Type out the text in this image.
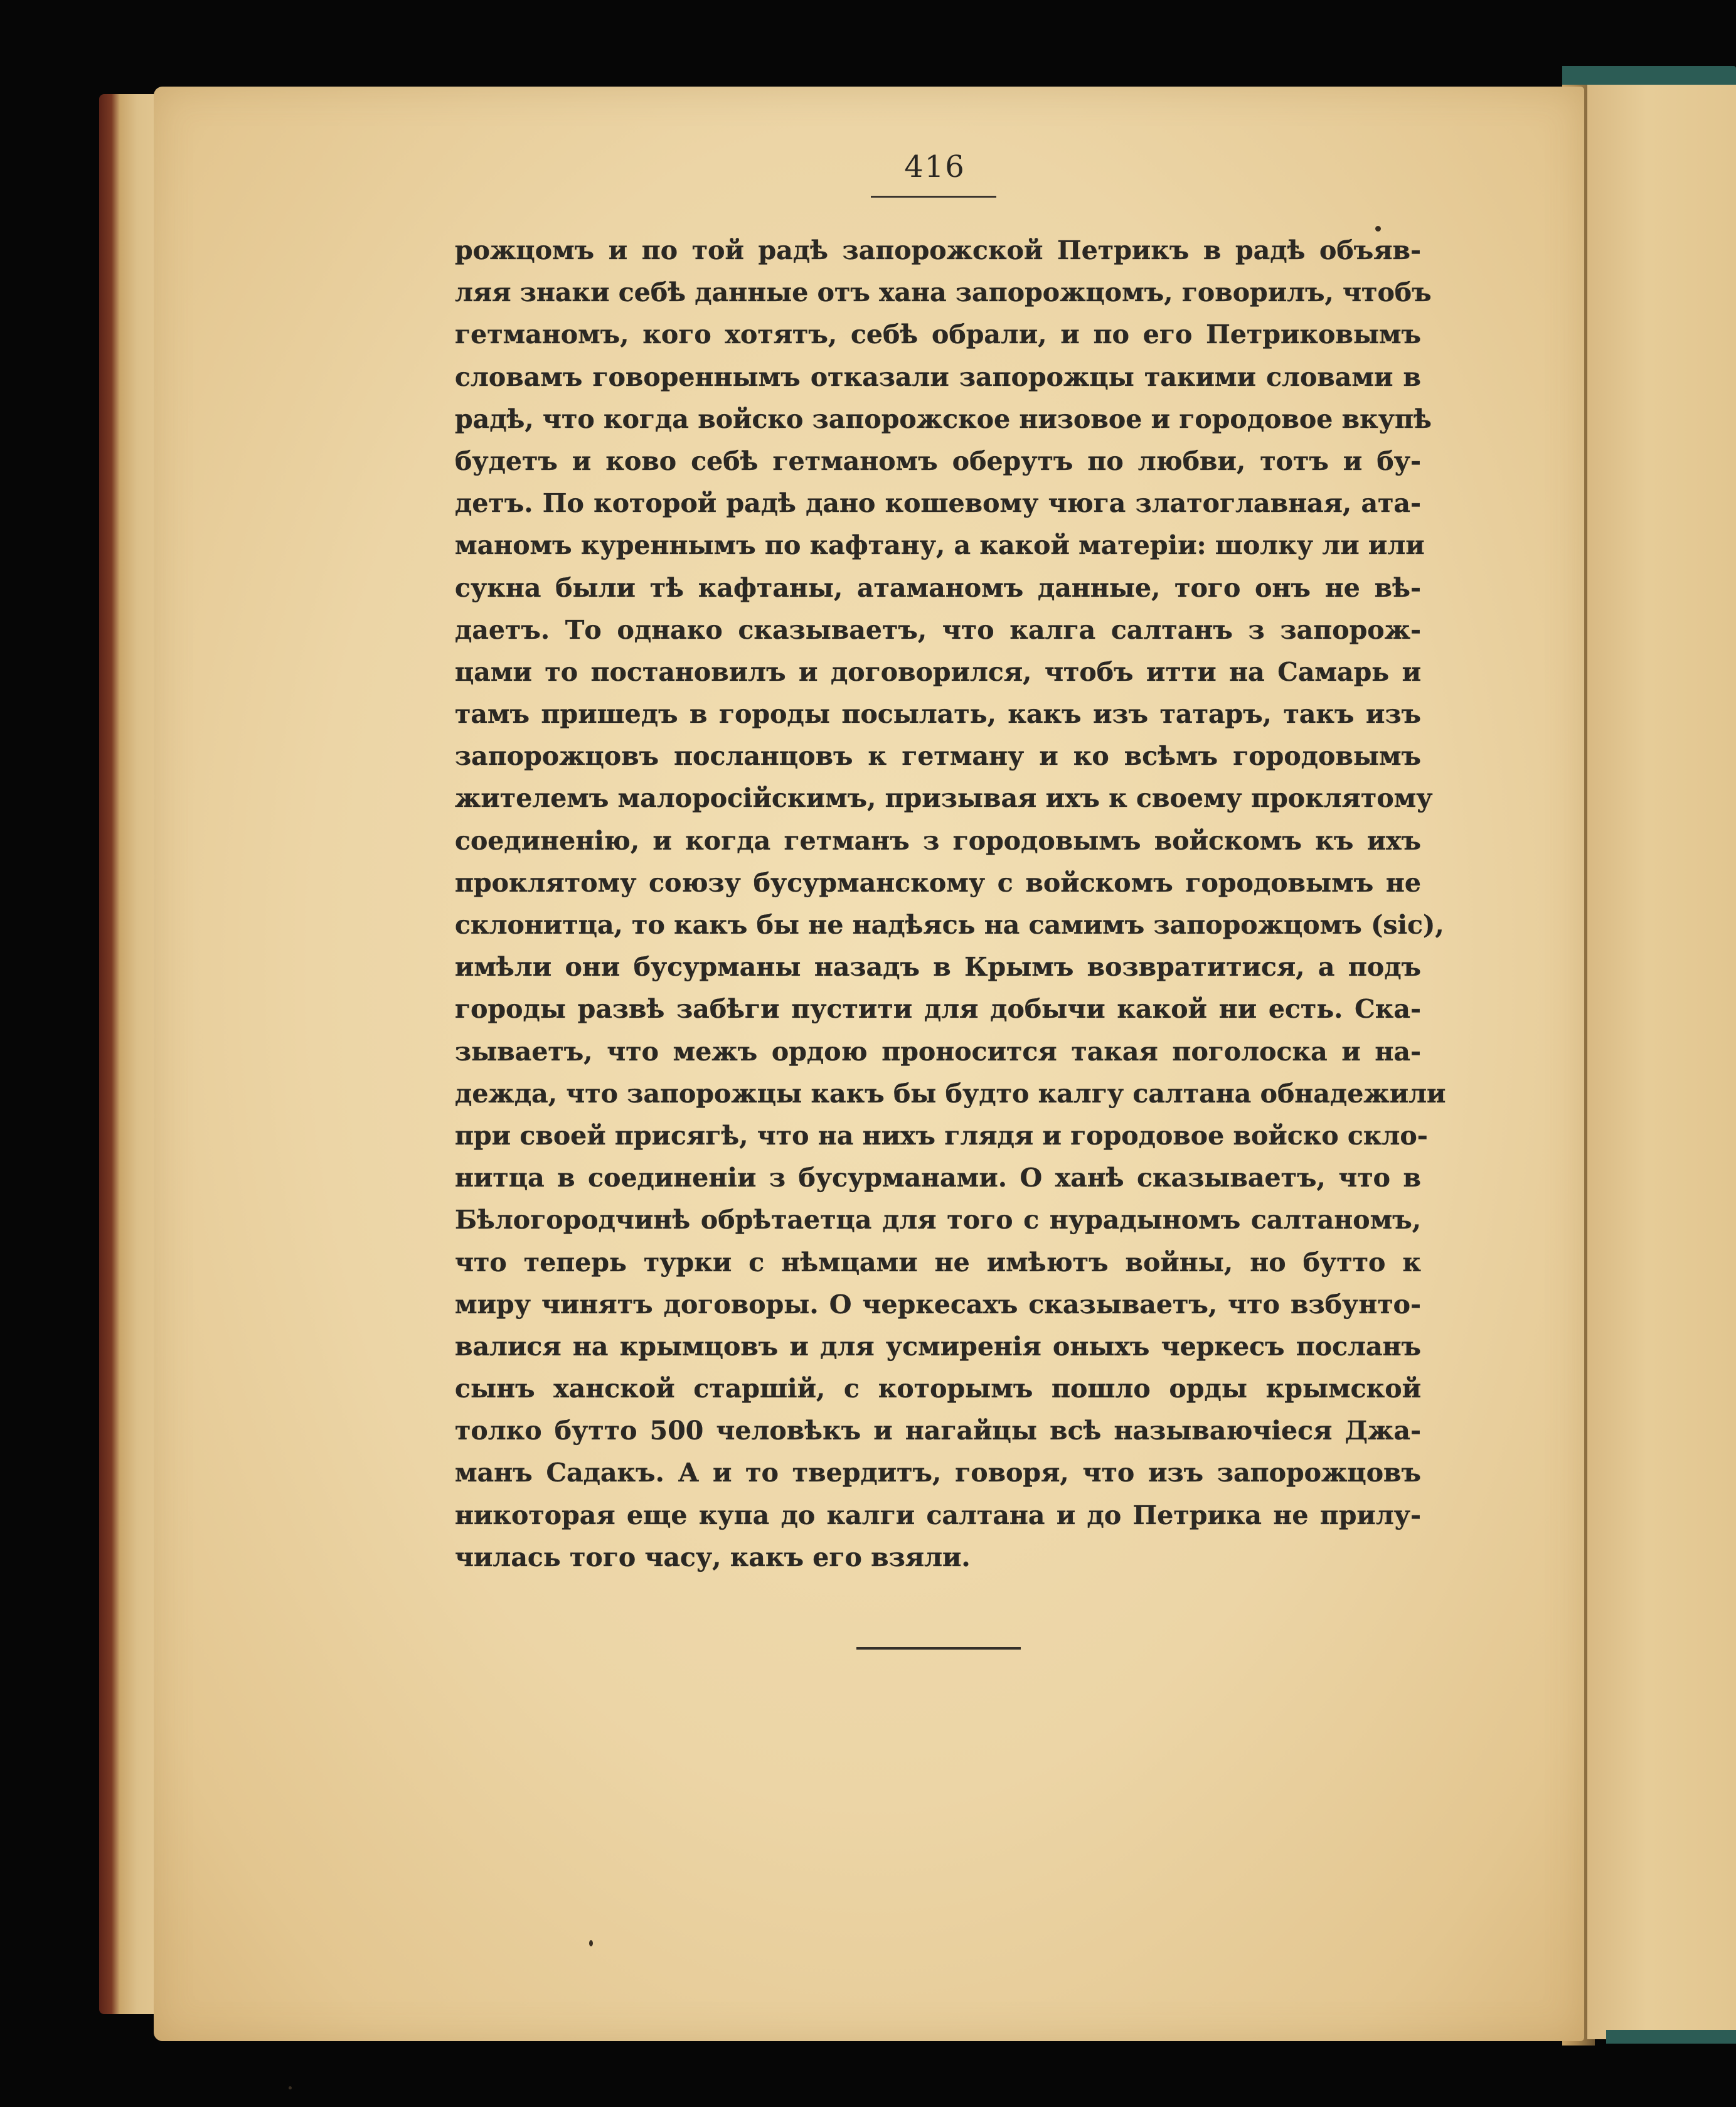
416
рожцомъ и по той радѣ запорожской Петрикъ в радѣ объяв-
ляя знаки себѣ данные отъ хана запорожцомъ, говорилъ, чтобъ
гетманомъ, кого хотятъ, себѣ обрали, и по его Петриковымъ
словамъ говореннымъ отказали запорожцы такими словами в
радѣ, что когда войско запорожское низовое и городовое вкупѣ
будетъ и ково себѣ гетманомъ оберутъ по любви, тотъ и бу-
детъ. По которой радѣ дано кошевому чюга златоглавная, ата-
маномъ куреннымъ по кафтану, а какой матеріи: шолку ли или
сукна были тѣ кафтаны, атаманомъ данные, того онъ не вѣ-
даетъ. То однако сказываетъ, что калга салтанъ з запорож-
цами то постановилъ и договорился, чтобъ итти на Самарь и
тамъ пришедъ в городы посылать, какъ изъ татаръ, такъ изъ
запорожцовъ посланцовъ к гетману и ко всѣмъ городовымъ
жителемъ малоросійскимъ, призывая ихъ к своему проклятому
соединенію, и когда гетманъ з городовымъ войскомъ къ ихъ
проклятому союзу бусурманскому с войскомъ городовымъ не
склонитца, то какъ бы не надѣясь на самимъ запорожцомъ (sic),
имѣли они бусурманы назадъ в Крымъ возвратитися, а подъ
городы развѣ забѣги пустити для добычи какой ни есть. Ска-
зываетъ, что межъ ордою проносится такая поголоска и на-
дежда, что запорожцы какъ бы будто калгу салтана обнадежили
при своей присягѣ, что на нихъ глядя и городовое войско скло-
нитца в соединеніи з бусурманами. О ханѣ сказываетъ, что в
Бѣлогородчинѣ обрѣтаетца для того с нурадыномъ салтаномъ,
что теперь турки с нѣмцами не имѣютъ войны, но бутто к
миру чинятъ договоры. О черкесахъ сказываетъ, что взбунто-
валися на крымцовъ и для усмиренія оныхъ черкесъ посланъ
сынъ ханской старшій, с которымъ пошло орды крымской
толко бутто 500 человѣкъ и нагайцы всѣ называючіеся Джа-
манъ Садакъ. А и то твердитъ, говоря, что изъ запорожцовъ
никоторая еще купа до калги салтана и до Петрика не прилу-
чилась того часу, какъ его взяли.
